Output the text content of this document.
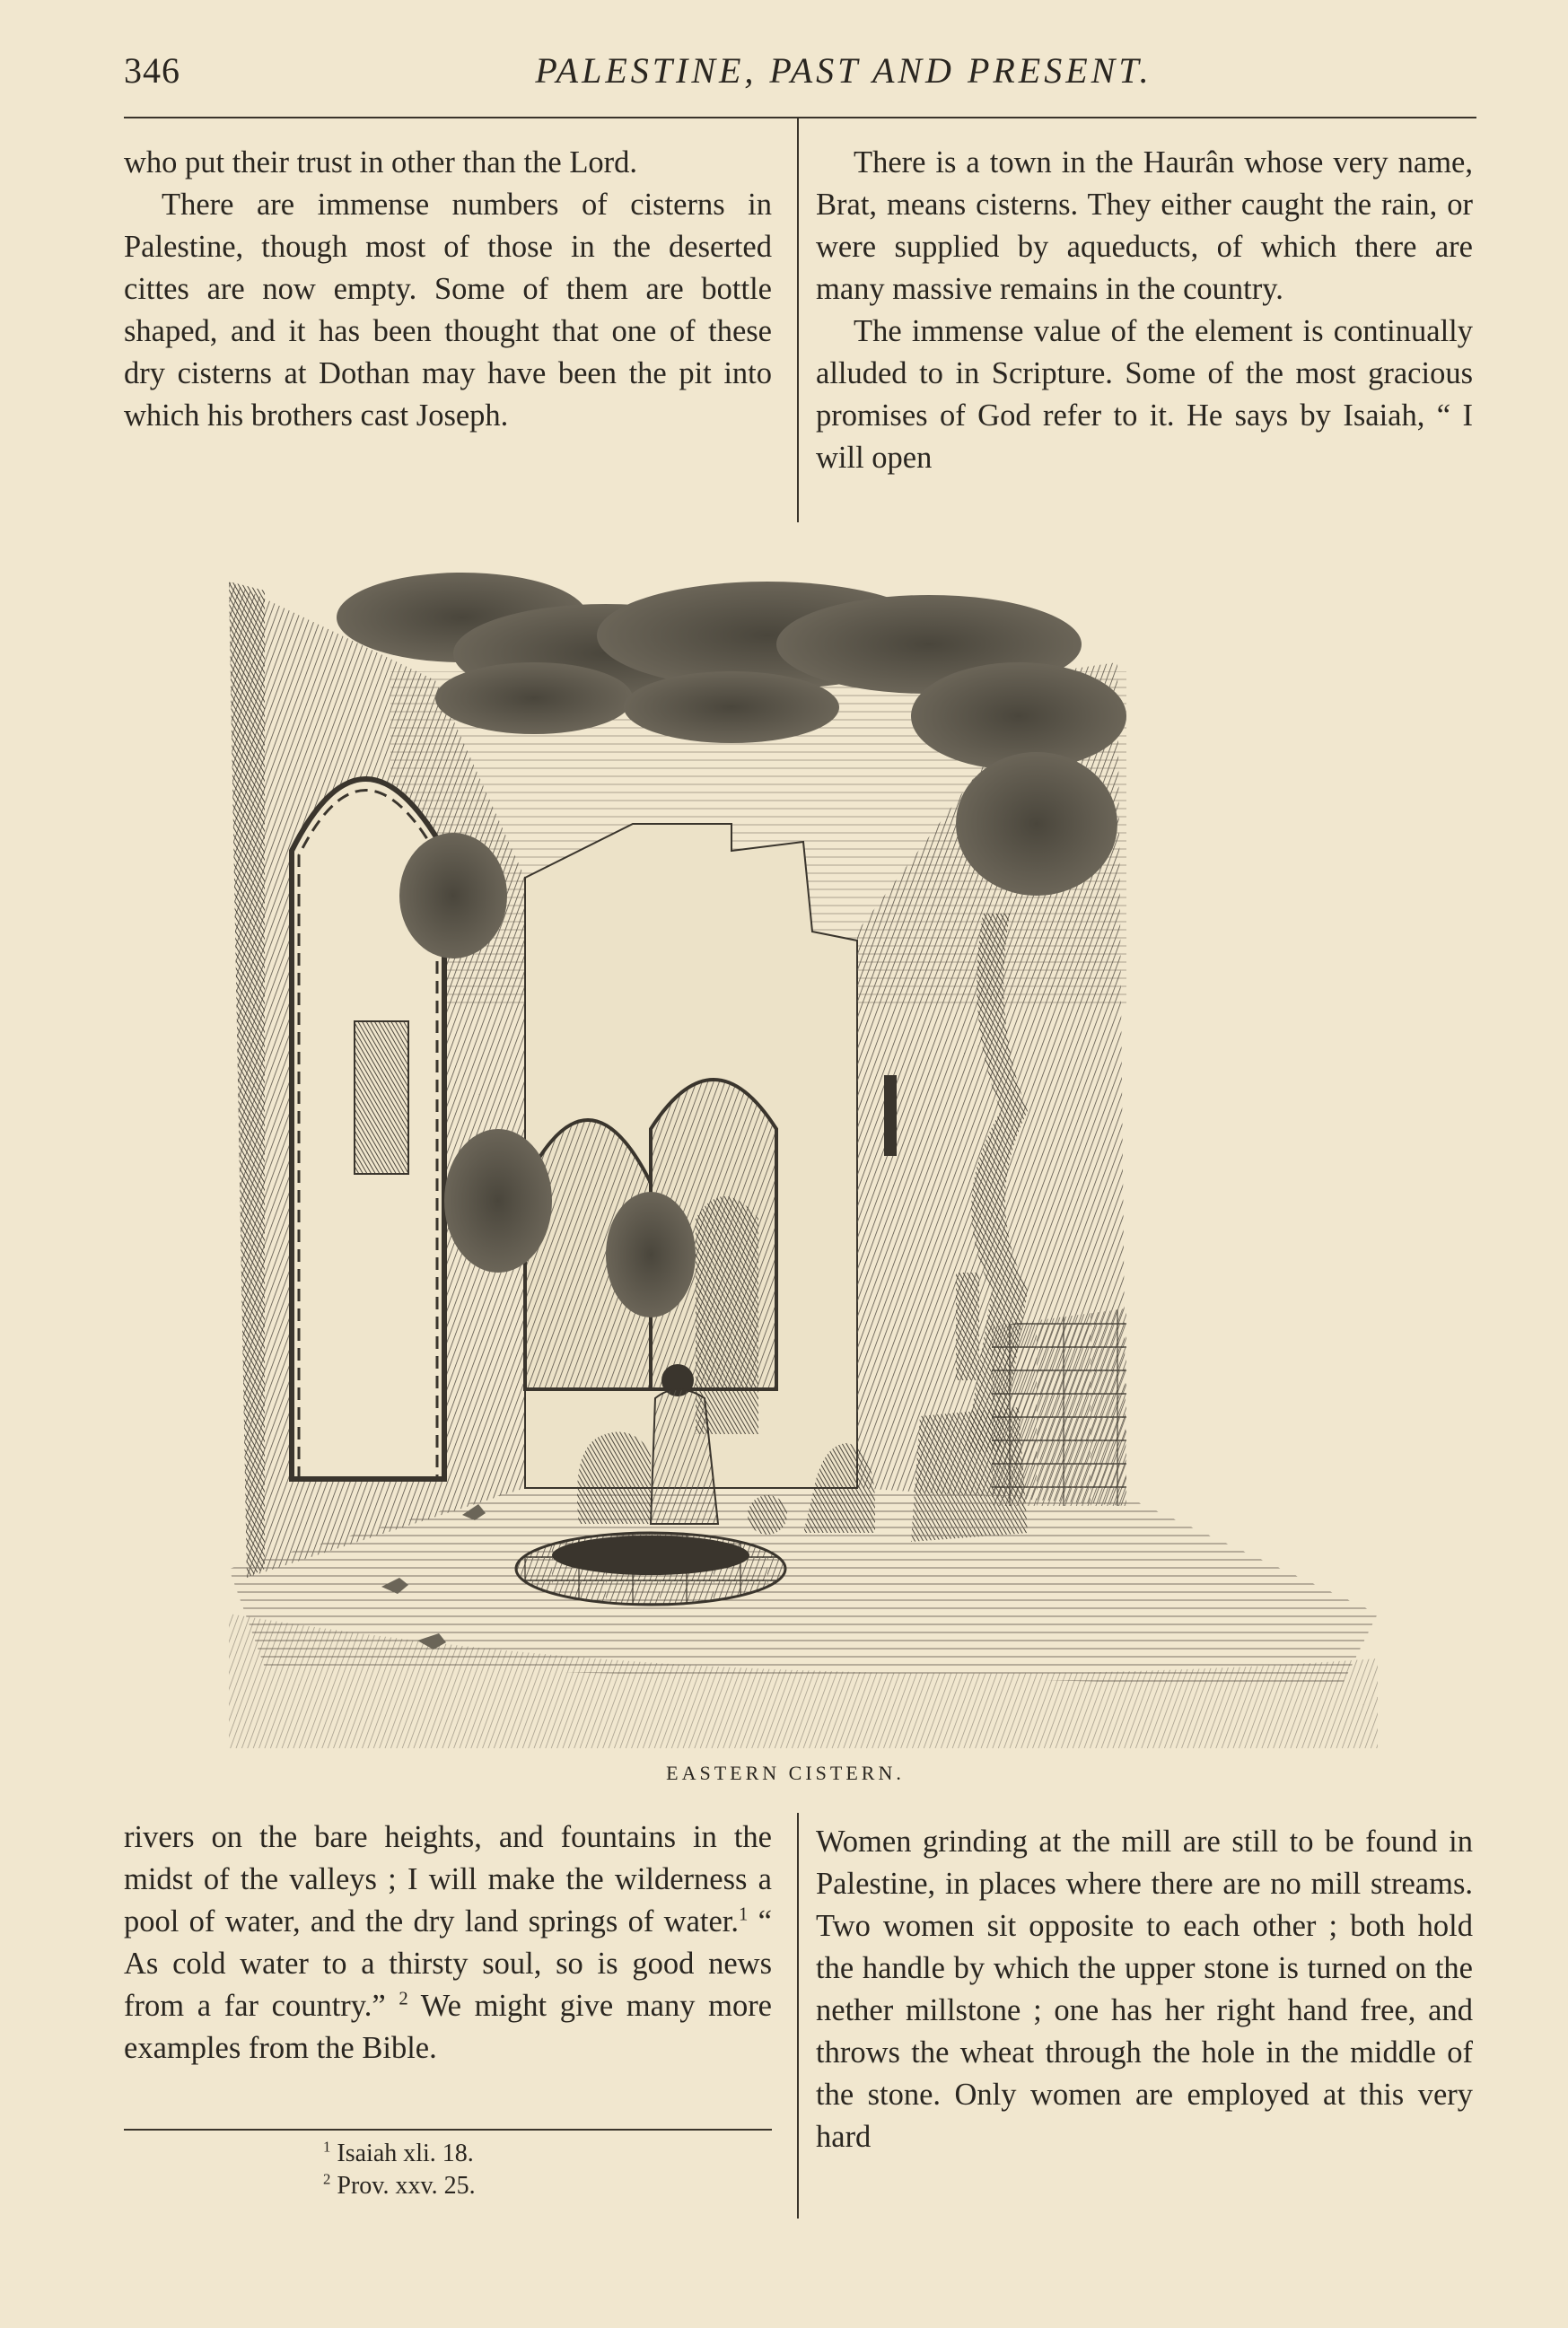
346	PALESTINE, PAST AND PRESENT.

who put their trust in other than the Lord.

There are immense numbers of cisterns in Palestine, though most of those in the deserted cittes are now empty. Some of them are bottle shaped, and it has been thought that one of these dry cisterns at Dothan may have been the pit into which his brothers cast Joseph.

There is a town in the Haurân whose very name, Brat, means cisterns. They either caught the rain, or were supplied by aqueducts, of which there are many massive remains in the country.

The immense value of the element is continually alluded to in Scripture. Some of the most gracious promises of God refer to it. He says by Isaiah, “ I will open

EASTERN CISTERN.

rivers on the bare heights, and fountains in the midst of the valleys ; I will make the wilderness a pool of water, and the dry land springs of water.$^1$ “ As cold water to a thirsty soul, so is good news from a far country.” $^2$ We might give many more examples from the Bible.

$^1$ Isaiah xli. 18.

$^2$ Prov. xxv. 25.

Women grinding at the mill are still to be found in Palestine, in places where there are no mill streams. Two women sit opposite to each other ; both hold the handle by which the upper stone is turned on the nether millstone ; one has her right hand free, and throws the wheat through the hole in the middle of the stone. Only women are employed at this very hard
